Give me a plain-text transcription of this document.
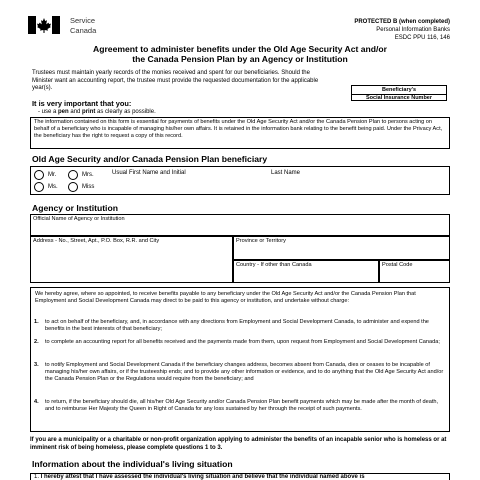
Service
Canada
PROTECTED B (when completed)
Personal Information Banks
ESDC PPU 116, 146
Agreement to administer benefits under the Old Age Security Act and/or
the Canada Pension Plan by an Agency or Institution
Trustees must maintain yearly records of the monies received and spent for our beneficiaries. Should the Minister want an accounting report, the trustee must provide the requested documentation for the applicable year(s).	Beneficiary's
Social Insurance Number
It is very important that you:
- use a pen and print as clearly as possible.
The information contained on this form is essential for payments of benefits under the Old Age Security Act and/or the Canada Pension Plan to persons acting on behalf of a beneficiary who is incapable of managing his/her own affairs. It is retained in the information bank relating to the benefit being paid. Under the Privacy Act, the beneficiary has the right to request a copy of this record.
Old Age Security and/or Canada Pension Plan beneficiary
Mr.	Mrs.
Ms.	Miss
Usual First Name and Initial	Last Name
Agency or Institution
Official Name of Agency or Institution
Address - No., Street, Apt., P.O. Box, R.R. and City	Province or Territory
Country - If other than Canada	Postal Code

We hereby agree, where so appointed, to receive benefits payable to any beneficiary under the Old Age Security Act and/or the Canada Pension Plan that Employment and Social Development Canada may direct to be paid to this agency or institution, and undertake without charge:

1. to act on behalf of the beneficiary, and, in accordance with any directions from Employment and Social Development Canada, to administer and expend the benefits in the best interests of that beneficiary;
2. to complete an accounting report for all benefits received and the payments made from them, upon request from Employment and Social Development Canada;
3. to notify Employment and Social Development Canada if the beneficiary changes address, becomes absent from Canada, dies or ceases to be incapable of managing his/her own affairs, or if the trusteeship ends; and to provide any other information or evidence, and to do anything that the Old Age Security Act and/or the Canada Pension Plan or the Regulations would require from the beneficiary; and
4. to return, if the beneficiary should die, all his/her Old Age Security and/or Canada Pension Plan benefit payments which may be made after the month of death, and to reimburse Her Majesty the Queen in Right of Canada for any loss sustained by her through the receipt of such payments.
If you are a municipality or a charitable or non-profit organization applying to administer the benefits of an incapable senior who is homeless or at imminent risk of being homeless, please complete questions 1 to 3.
Information about the individual's living situation
1. I hereby attest that I have assessed the individual's living situation and believe that the individual named above is
